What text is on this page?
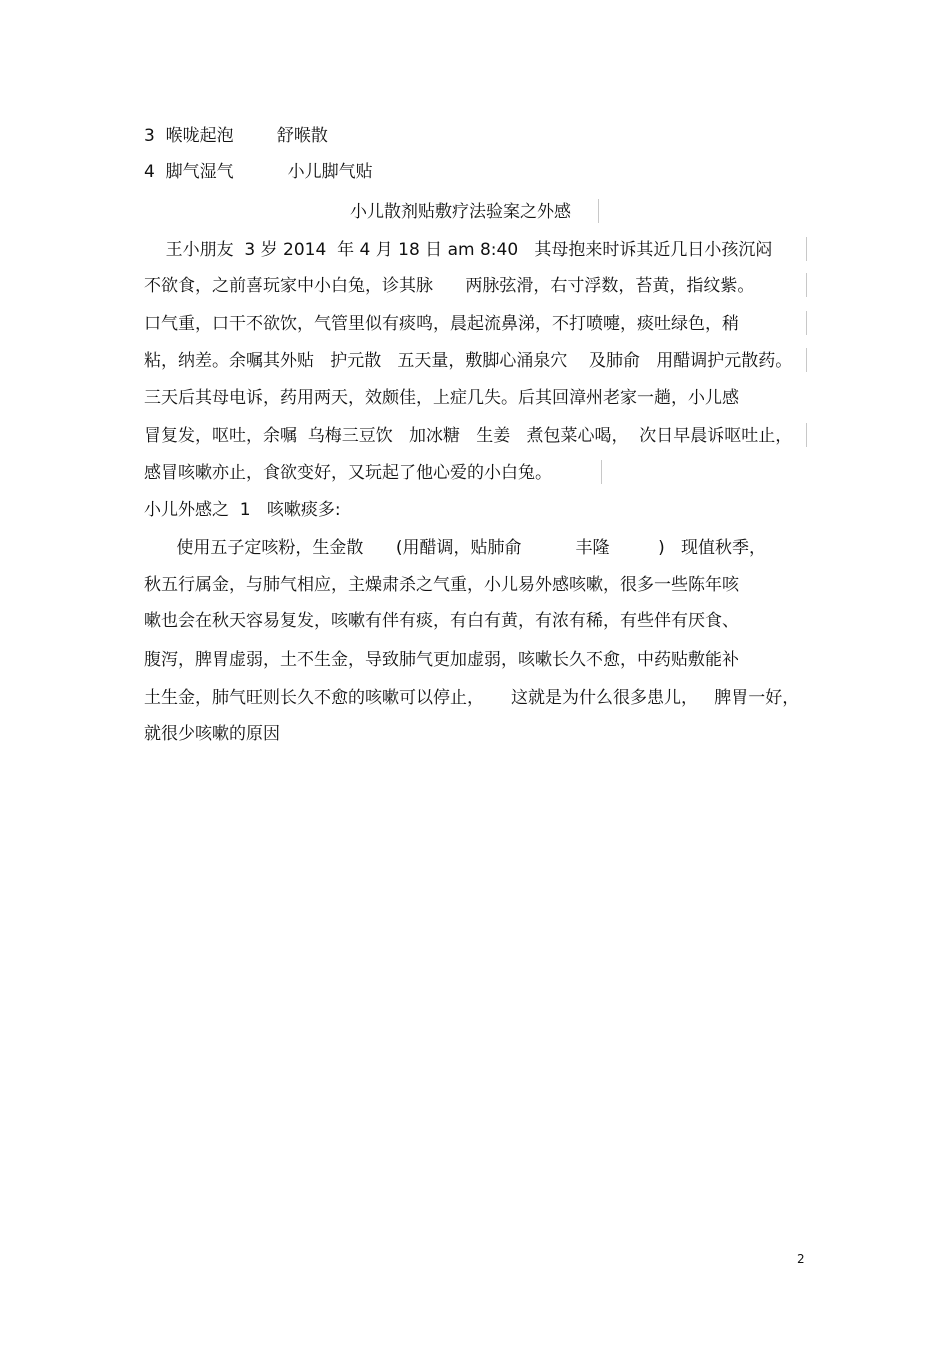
3  喉咙起泡        舒喉散
4  脚气湿气          小儿脚气贴
小儿散剂贴敷疗法验案之外感
王小朋友  3 岁 2014  年 4 月 18 日 am 8:40   其母抱来时诉其近几日小孩沉闷
不欲食，之前喜玩家中小白兔，诊其脉      两脉弦滑，右寸浮数，苔黄，指纹紫。
口气重，口干不欲饮，气管里似有痰鸣，晨起流鼻涕，不打喷嚏，痰吐绿色，稍
粘，纳差。余嘱其外贴   护元散   五天量，敷脚心涌泉穴    及肺俞   用醋调护元散药。
三天后其母电诉，药用两天，效颇佳，上症几失。后其回漳州老家一趟，小儿感
冒复发，呕吐，余嘱  乌梅三豆饮   加冰糖   生姜   煮包菜心喝，  次日早晨诉呕吐止，
感冒咳嗽亦止，食欲变好，又玩起了他心爱的小白兔。
小儿外感之  1   咳嗽痰多:
使用五子定咳粉，生金散      (用醋调，贴肺俞          丰隆         )   现值秋季，
秋五行属金，与肺气相应，主燥肃杀之气重，小儿易外感咳嗽，很多一些陈年咳
嗽也会在秋天容易复发，咳嗽有伴有痰，有白有黄，有浓有稀，有些伴有厌食、
腹泻，脾胃虚弱，土不生金，导致肺气更加虚弱，咳嗽长久不愈，中药贴敷能补
土生金，肺气旺则长久不愈的咳嗽可以停止，     这就是为什么很多患儿，   脾胃一好，
就很少咳嗽的原因
2
